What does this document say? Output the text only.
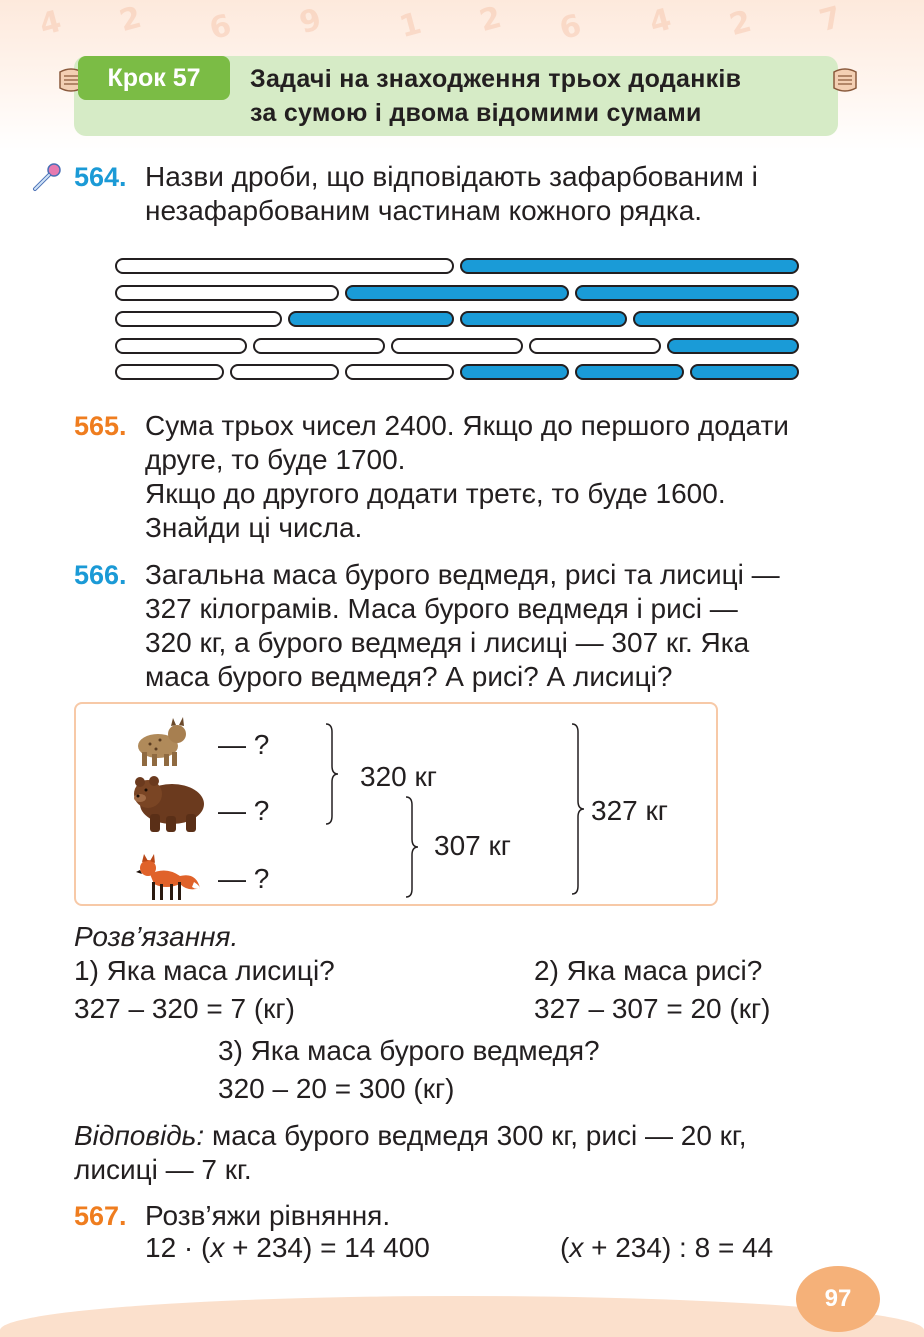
4 2 6 9 1 2 6 4 2 7
Крок 57	Задачі на знаходження трьох доданків
за сумою і двома відомими сумами
564. Назви дроби, що відповідають зафарбованим і
незафарбованим частинам кожного рядка.
565. Сума трьох чисел 2400. Якщо до першого додати
друге, то буде 1700.
Якщо до другого додати третє, то буде 1600.
Знайди ці числа.
566. Загальна маса бурого ведмедя, рисі та лисиці —
327 кілограмів. Маса бурого ведмедя і рисі —
320 кг, а бурого ведмедя і лисиці — 307 кг. Яка
маса бурого ведмедя? А рисі? А лисиці?
— ?
— ?
— ?
320 кг
307 кг
327 кг
Розв’язання.
1) Яка маса лисиці?
327 – 320 = 7 (кг)
2) Яка маса рисі?
327 – 307 = 20 (кг)
3) Яка маса бурого ведмедя?
320 – 20 = 300 (кг)
Відповідь: маса бурого ведмедя 300 кг, рисі — 20 кг,
лисиці — 7 кг.
567. Розв’яжи рівняння.
12 · (x + 234) = 14 400	(x + 234) : 8 = 44
97
